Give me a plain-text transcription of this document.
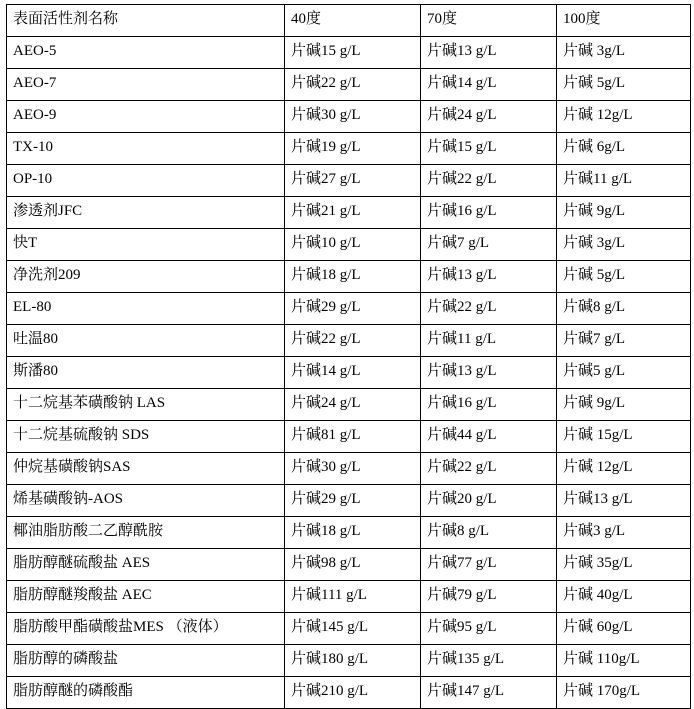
表面活性剂名称	40度	70度	100度
AEO-5	片碱15 g/L	片碱13 g/L	片碱 3g/L
AEO-7	片碱22 g/L	片碱14 g/L	片碱 5g/L
AEO-9	片碱30 g/L	片碱24 g/L	片碱 12g/L
TX-10	片碱19 g/L	片碱15 g/L	片碱 6g/L
OP-10	片碱27 g/L	片碱22 g/L	片碱11 g/L
渗透剂JFC	片碱21 g/L	片碱16 g/L	片碱 9g/L
快T	片碱10 g/L	片碱7 g/L	片碱 3g/L
净洗剂209	片碱18 g/L	片碱13 g/L	片碱 5g/L
EL-80	片碱29 g/L	片碱22 g/L	片碱8 g/L
吐温80	片碱22 g/L	片碱11 g/L	片碱7 g/L
斯潘80	片碱14 g/L	片碱13 g/L	片碱5 g/L
十二烷基苯磺酸钠 LAS	片碱24 g/L	片碱16 g/L	片碱 9g/L
十二烷基硫酸钠 SDS	片碱81 g/L	片碱44 g/L	片碱 15g/L
仲烷基磺酸钠SAS	片碱30 g/L	片碱22 g/L	片碱 12g/L
烯基磺酸钠-AOS	片碱29 g/L	片碱20 g/L	片碱13 g/L
椰油脂肪酸二乙醇酰胺	片碱18 g/L	片碱8 g/L	片碱3 g/L
脂肪醇醚硫酸盐 AES	片碱98 g/L	片碱77 g/L	片碱 35g/L
脂肪醇醚羧酸盐 AEC	片碱111 g/L	片碱79 g/L	片碱 40g/L
脂肪酸甲酯磺酸盐MES （液体）	片碱145 g/L	片碱95 g/L	片碱 60g/L
脂肪醇的磷酸盐	片碱180 g/L	片碱135 g/L	片碱 110g/L
脂肪醇醚的磷酸酯	片碱210 g/L	片碱147 g/L	片碱 170g/L
